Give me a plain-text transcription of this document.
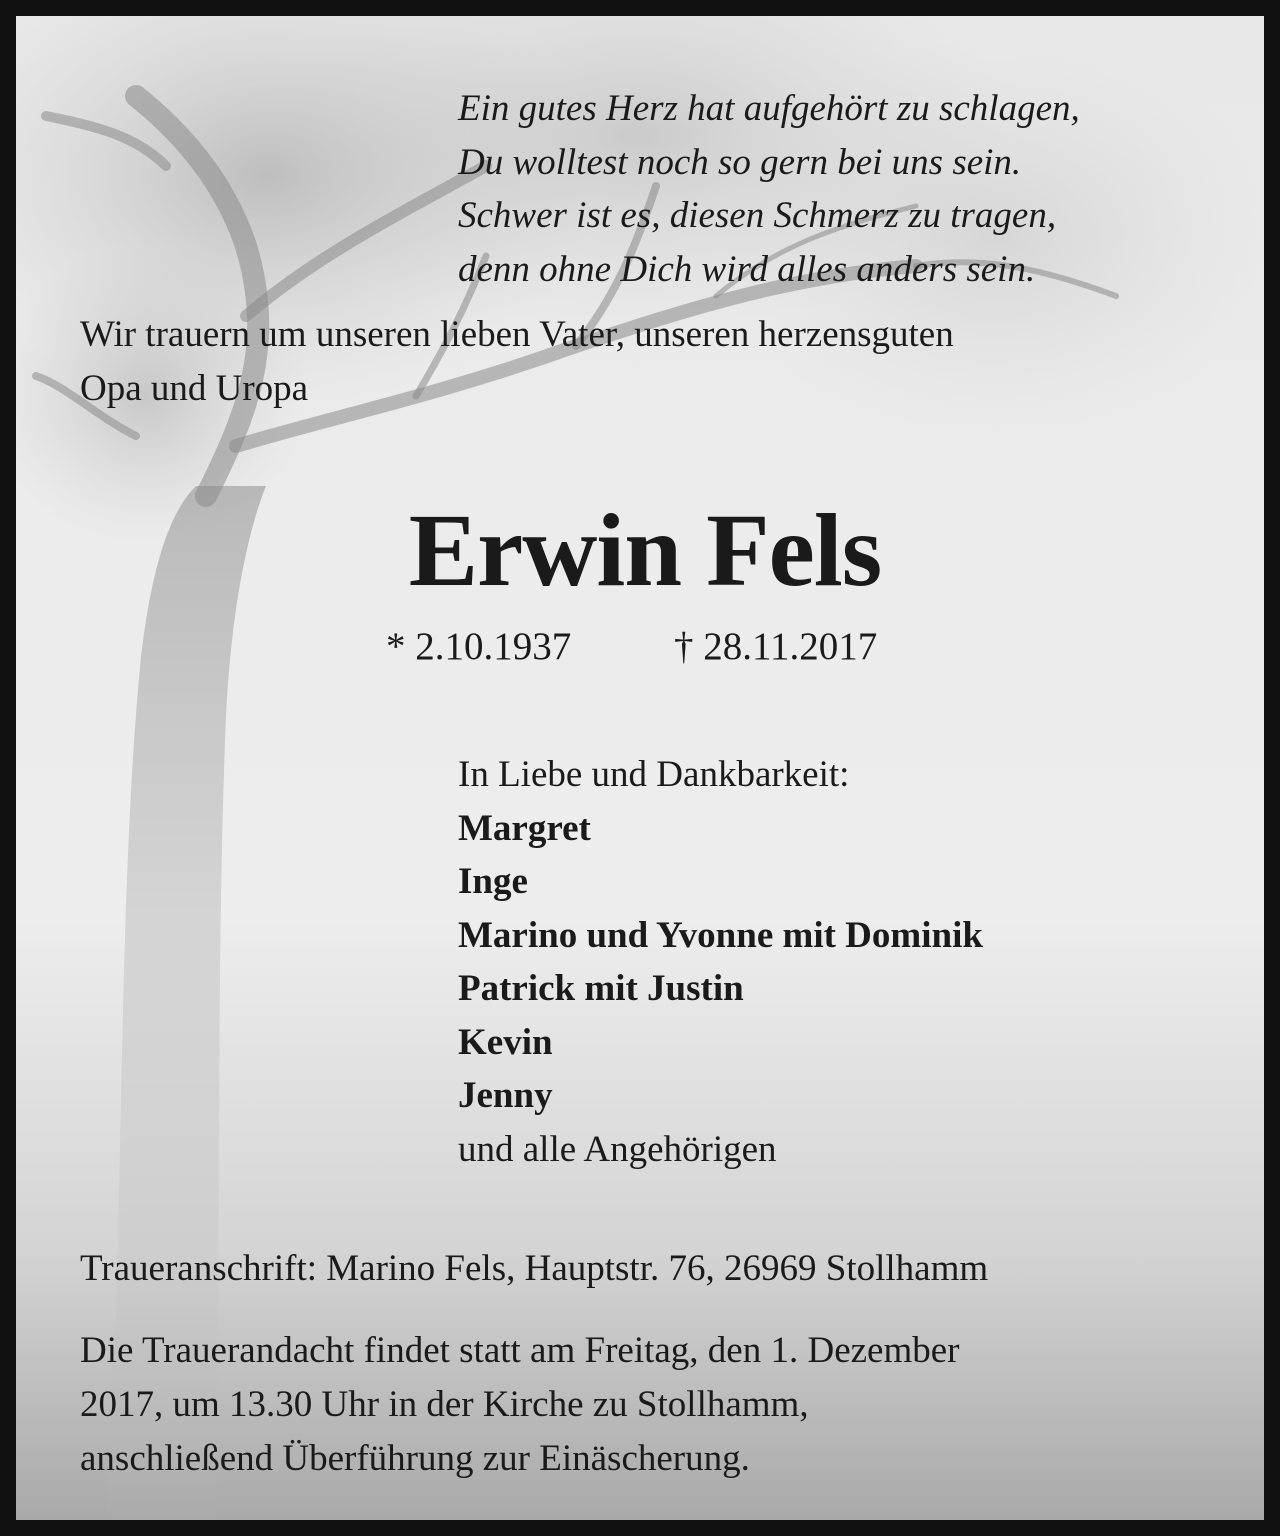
Ein gutes Herz hat aufgehört zu schlagen,
Du wolltest noch so gern bei uns sein.
Schwer ist es, diesen Schmerz zu tragen,
denn ohne Dich wird alles anders sein.
Wir trauern um unseren lieben Vater, unseren herzensguten
Opa und Uropa
Erwin Fels
* 2.10.1937	† 28.11.2017
In Liebe und Dankbarkeit:
Margret
Inge
Marino und Yvonne mit Dominik
Patrick mit Justin
Kevin
Jenny
und alle Angehörigen
Traueranschrift: Marino Fels, Hauptstr. 76, 26969 Stollhamm
Die Trauerandacht findet statt am Freitag, den 1. Dezember
2017, um 13.30 Uhr in der Kirche zu Stollhamm,
anschließend Überführung zur Einäscherung.
